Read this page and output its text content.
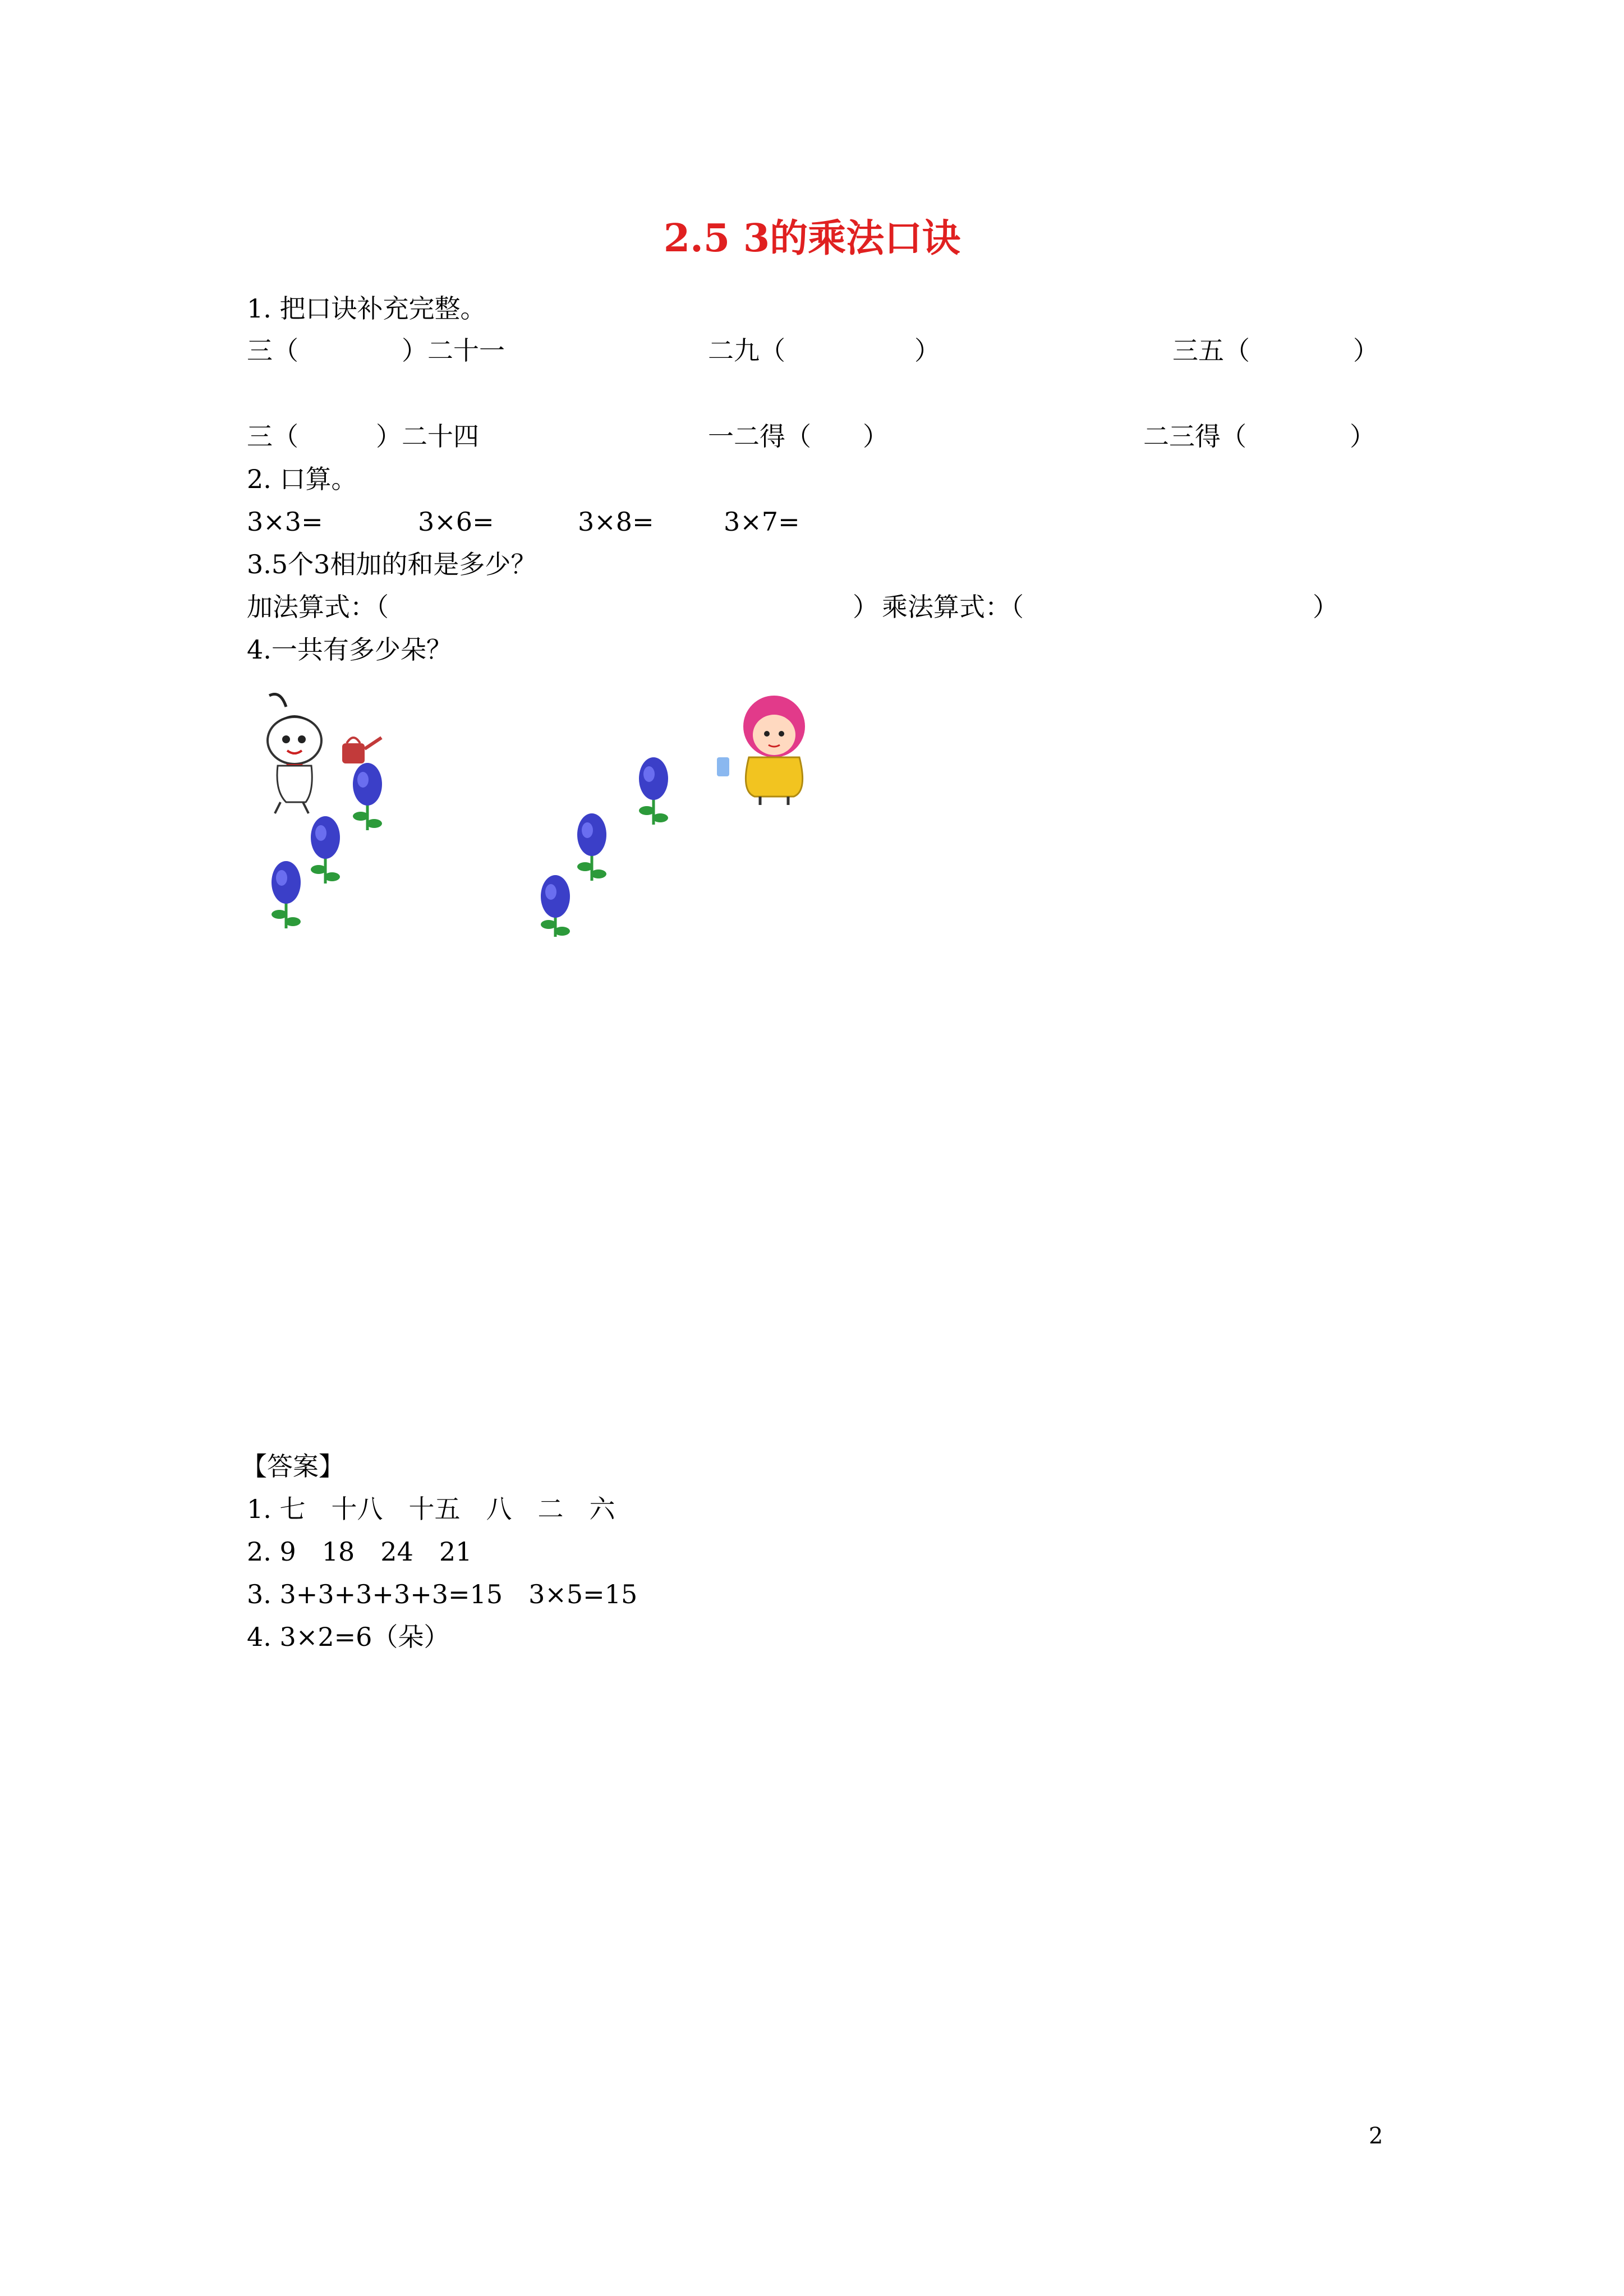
2.5 3的乘法口诀
1. 把口诀补充完整。
三（　　　　）二十一	二九（　　　　　）	三五（　　　　）
三（　　　）二十四	一二得（　　）	二三得（　　　　）
2. 口算。
3×3=	3×6=	3×8=	3×7=
3.5个3相加的和是多少？
加法算式：（	） 乘法算式：（	）
4.一共有多少朵？
【答案】
1. 七　十八　十五　八　二　六
2. 9　18　24　21
3. 3+3+3+3+3=15　3×5=15
4. 3×2=6（朵）
2
